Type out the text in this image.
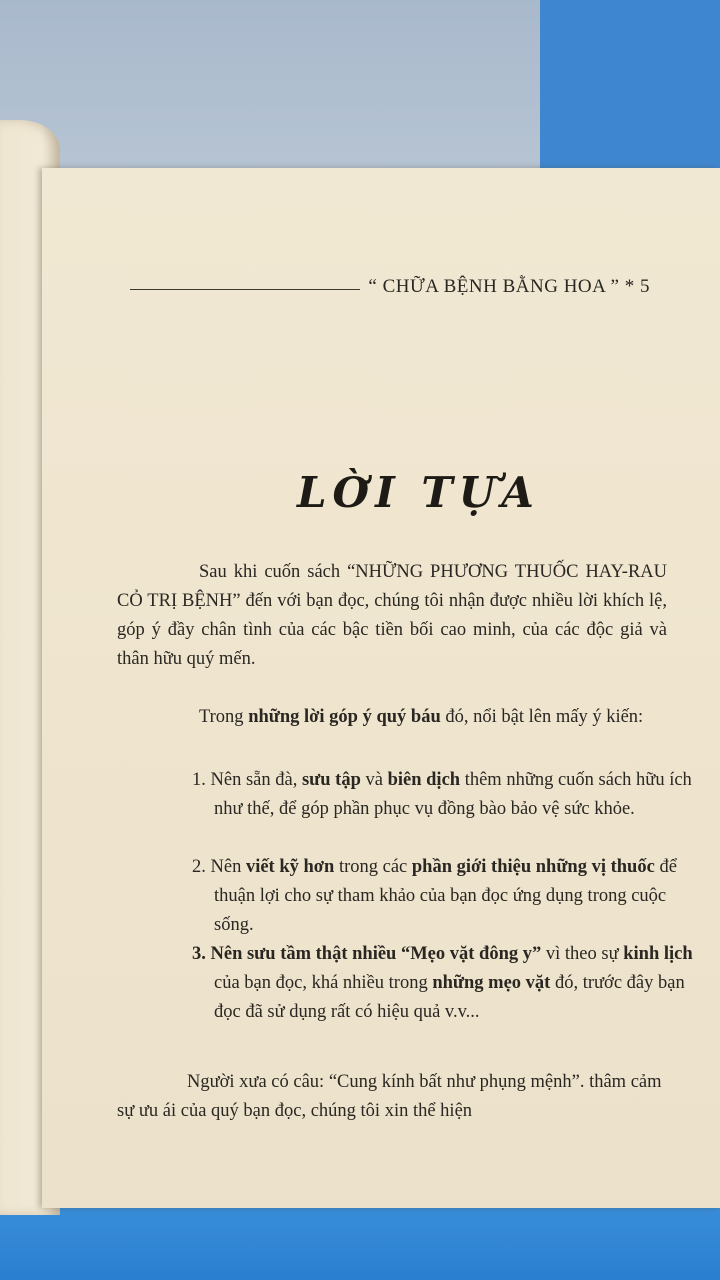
“ CHỮA BỆNH BẰNG HOA ” * 5
LỜI TỰA
Sau khi cuốn sách “NHỮNG PHƯƠNG THUỐC HAY-RAU CỎ TRỊ BỆNH” đến với bạn đọc, chúng tôi nhận được nhiều lời khích lệ, góp ý đầy chân tình của các bậc tiền bối cao minh, của các độc giả và thân hữu quý mến.
Trong những lời góp ý quý báu đó, nổi bật lên mấy ý kiến:
1. Nên sẵn đà, sưu tập và biên dịch thêm những cuốn sách hữu ích như thế, để góp phần phục vụ đồng bào bảo vệ sức khỏe.
2. Nên viết kỹ hơn trong các phần giới thiệu những vị thuốc để thuận lợi cho sự tham khảo của bạn đọc ứng dụng trong cuộc sống.
3. Nên sưu tầm thật nhiều “Mẹo vặt đông y” vì theo sự kinh lịch của bạn đọc, khá nhiều trong những mẹo vặt đó, trước đây bạn đọc đã sử dụng rất có hiệu quả v.v...
Người xưa có câu: “Cung kính bất như phụng mệnh”. thâm cảm sự ưu ái của quý bạn đọc, chúng tôi xin thể hiện
